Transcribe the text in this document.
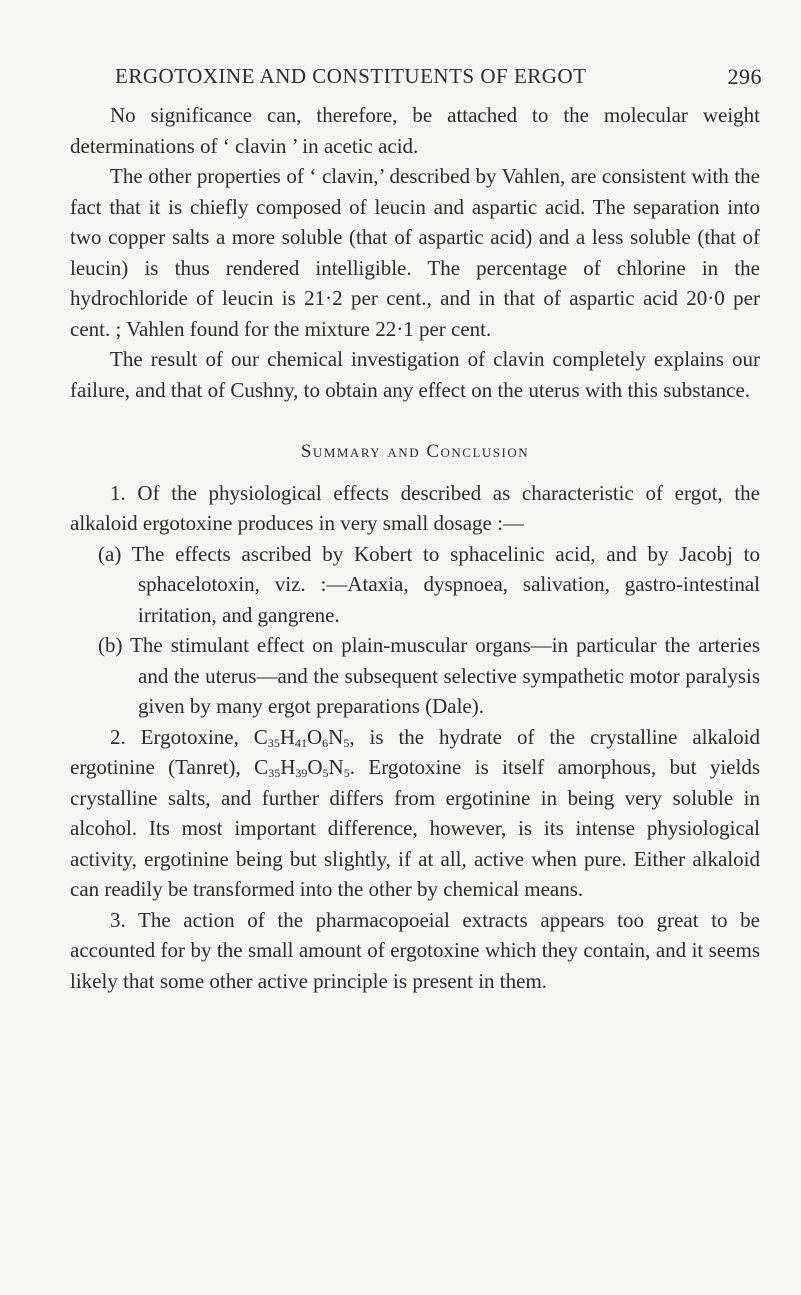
ERGOTOXINE AND CONSTITUENTS OF ERGOT	296

No significance can, therefore, be attached to the molecular weight determinations of ‘ clavin ’ in acetic acid.

The other properties of ‘ clavin,’ described by Vahlen, are consistent with the fact that it is chiefly composed of leucin and aspartic acid. The separation into two copper salts a more soluble (that of aspartic acid) and a less soluble (that of leucin) is thus rendered intelligible. The percentage of chlorine in the hydrochloride of leucin is 21·2 per cent., and in that of aspartic acid 20·0 per cent. ; Vahlen found for the mixture 22·1 per cent.

The result of our chemical investigation of clavin completely explains our failure, and that of Cushny, to obtain any effect on the uterus with this substance.

Summary and Conclusion

1. Of the physiological effects described as characteristic of ergot, the alkaloid ergotoxine produces in very small dosage :—

(a) The effects ascribed by Kobert to sphacelinic acid, and by Jacobj to sphacelotoxin, viz. :—Ataxia, dyspnoea, salivation, gastro-intestinal irritation, and gangrene.

(b) The stimulant effect on plain-muscular organs—in particular the arteries and the uterus—and the subsequent selective sympathetic motor paralysis given by many ergot preparations (Dale).

2. Ergotoxine, $C_{35}H_{41}O_6N_5$, is the hydrate of the crystalline alkaloid ergotinine (Tanret), $C_{35}H_{39}O_5N_5$. Ergotoxine is itself amorphous, but yields crystalline salts, and further differs from ergotinine in being very soluble in alcohol. Its most important difference, however, is its intense physiological activity, ergotinine being but slightly, if at all, active when pure. Either alkaloid can readily be transformed into the other by chemical means.

3. The action of the pharmacopoeial extracts appears too great to be accounted for by the small amount of ergotoxine which they contain, and it seems likely that some other active principle is present in them.
